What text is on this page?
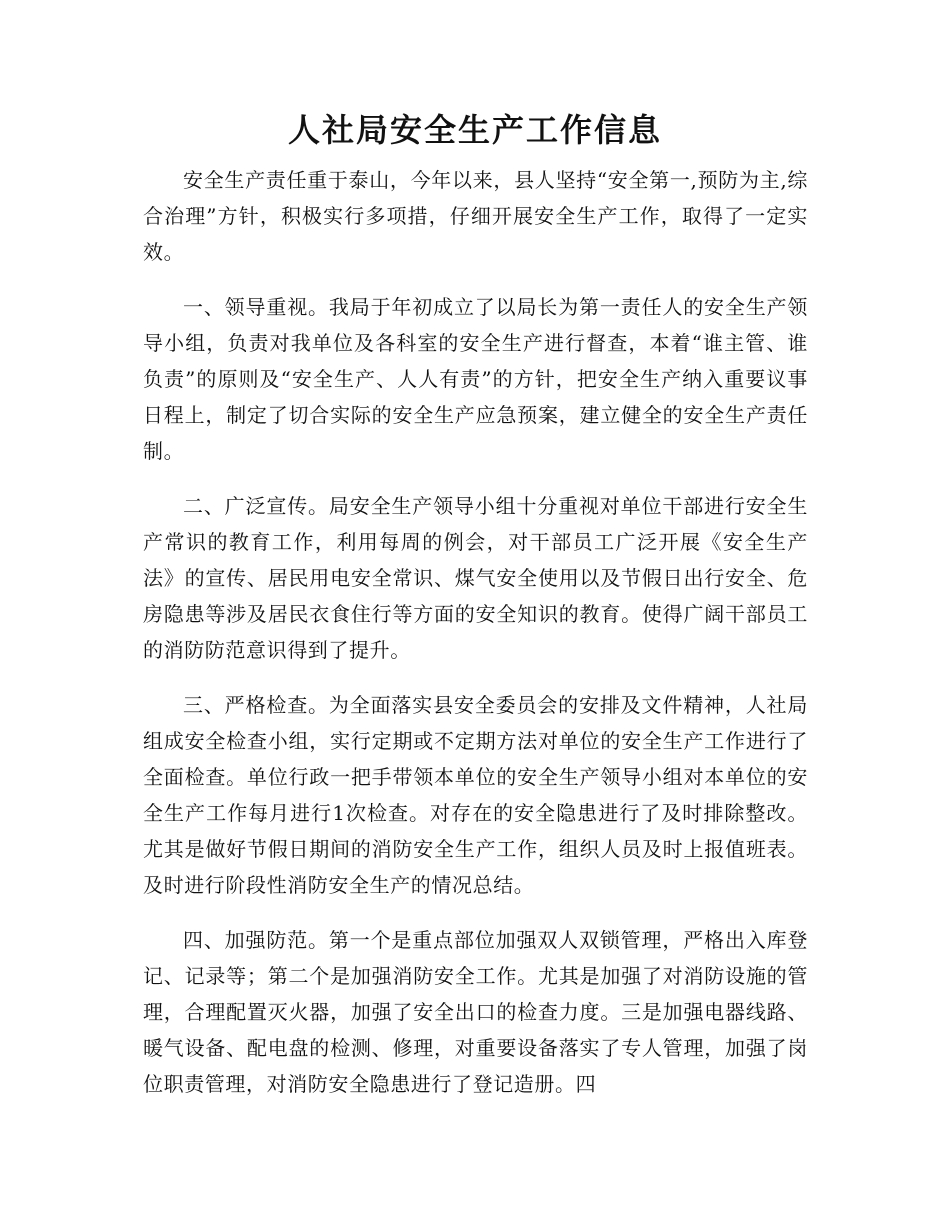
人社局安全生产工作信息

安全生产责任重于泰山，今年以来，县人坚持“安全第一,预防为主,综合治理”方针，积极实行多项措，仔细开展安全生产工作，取得了一定实效。

一、领导重视。我局于年初成立了以局长为第一责任人的安全生产领导小组，负责对我单位及各科室的安全生产进行督查，本着“谁主管、谁负责”的原则及“安全生产、人人有责”的方针，把安全生产纳入重要议事日程上，制定了切合实际的安全生产应急预案，建立健全的安全生产责任制。

二、广泛宣传。局安全生产领导小组十分重视对单位干部进行安全生产常识的教育工作，利用每周的例会，对干部员工广泛开展《安全生产法》的宣传、居民用电安全常识、煤气安全使用以及节假日出行安全、危房隐患等涉及居民衣食住行等方面的安全知识的教育。使得广阔干部员工的消防防范意识得到了提升。

三、严格检查。为全面落实县安全委员会的安排及文件精神，人社局组成安全检查小组，实行定期或不定期方法对单位的安全生产工作进行了全面检查。单位行政一把手带领本单位的安全生产领导小组对本单位的安全生产工作每月进行1次检查。对存在的安全隐患进行了及时排除整改。尤其是做好节假日期间的消防安全生产工作，组织人员及时上报值班表。及时进行阶段性消防安全生产的情况总结。

四、加强防范。第一个是重点部位加强双人双锁管理，严格出入库登记、记录等；第二个是加强消防安全工作。尤其是加强了对消防设施的管理，合理配置灭火器，加强了安全出口的检查力度。三是加强电器线路、暖气设备、配电盘的检测、修理，对重要设备落实了专人管理，加强了岗位职责管理，对消防安全隐患进行了登记造册。四
